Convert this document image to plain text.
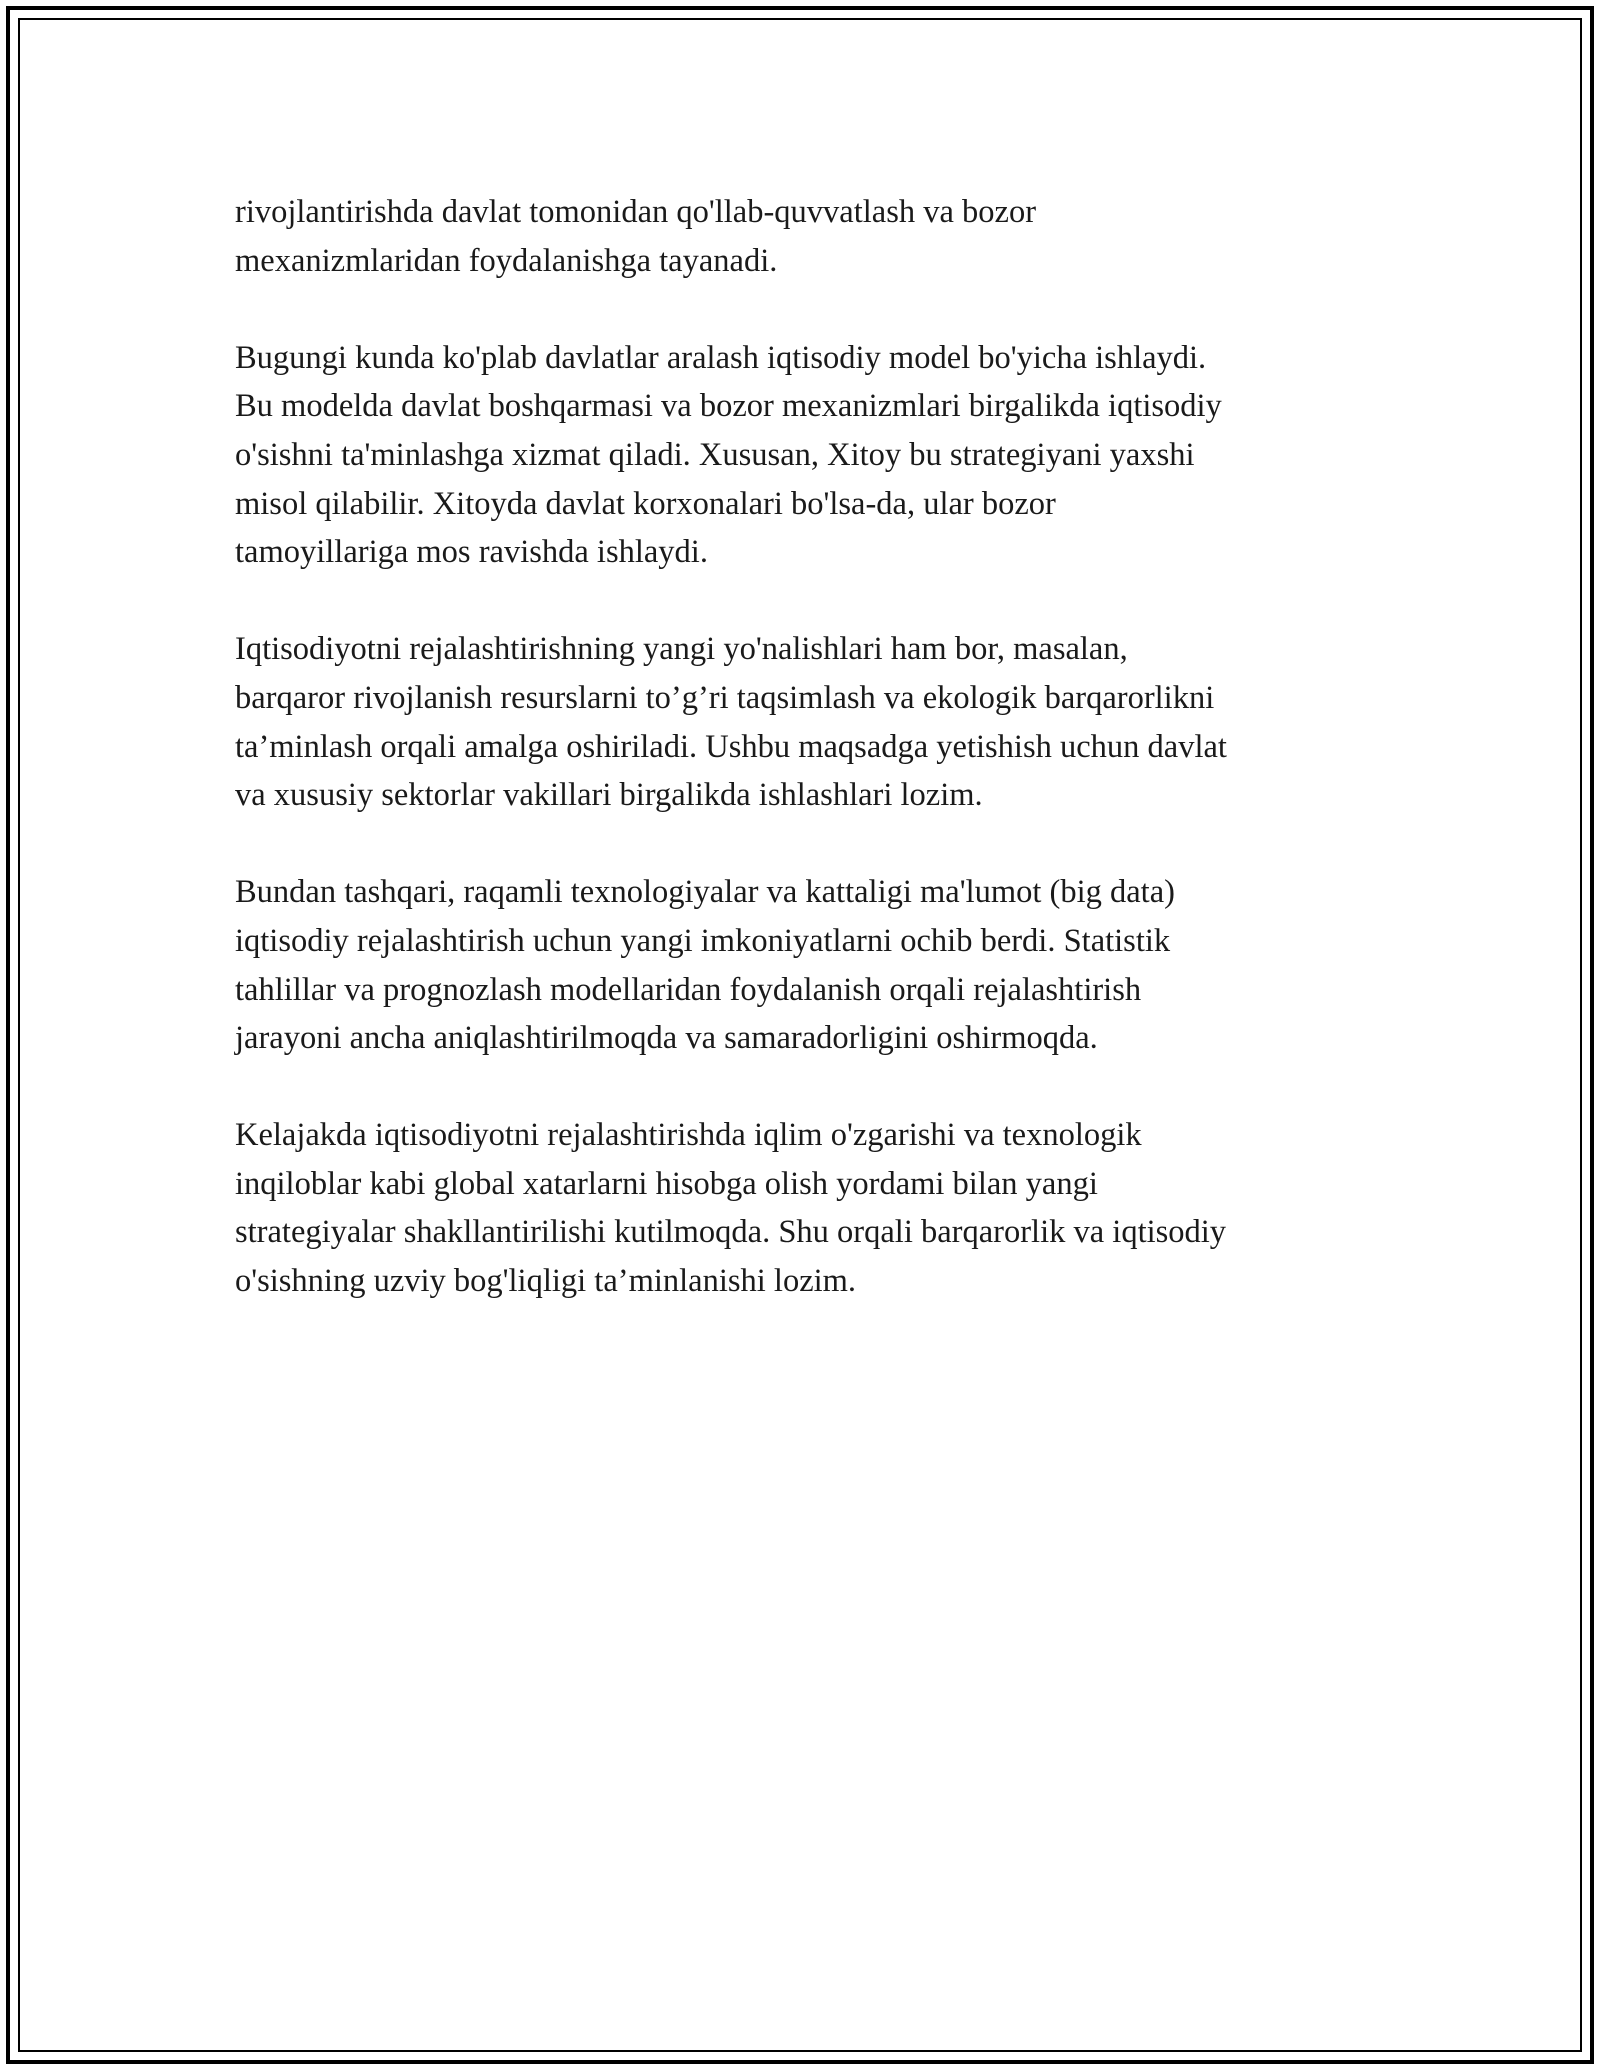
rivojlantirishda davlat tomonidan qo'llab-quvvatlash va bozor
mexanizmlaridan foydalanishga tayanadi.

Bugungi kunda ko'plab davlatlar aralash iqtisodiy model bo'yicha ishlaydi.
Bu modelda davlat boshqarmasi va bozor mexanizmlari birgalikda iqtisodiy
o'sishni ta'minlashga xizmat qiladi. Xususan, Xitoy bu strategiyani yaxshi
misol qilabilir. Xitoyda davlat korxonalari bo'lsa-da, ular bozor
tamoyillariga mos ravishda ishlaydi.

Iqtisodiyotni rejalashtirishning yangi yo'nalishlari ham bor, masalan,
barqaror rivojlanish resurslarni to’g’ri taqsimlash va ekologik barqarorlikni
ta’minlash orqali amalga oshiriladi. Ushbu maqsadga yetishish uchun davlat
va xususiy sektorlar vakillari birgalikda ishlashlari lozim.

Bundan tashqari, raqamli texnologiyalar va kattaligi ma'lumot (big data)
iqtisodiy rejalashtirish uchun yangi imkoniyatlarni ochib berdi. Statistik
tahlillar va prognozlash modellaridan foydalanish orqali rejalashtirish
jarayoni ancha aniqlashtirilmoqda va samaradorligini oshirmoqda.

Kelajakda iqtisodiyotni rejalashtirishda iqlim o'zgarishi va texnologik
inqiloblar kabi global xatarlarni hisobga olish yordami bilan yangi
strategiyalar shakllantirilishi kutilmoqda. Shu orqali barqarorlik va iqtisodiy
o'sishning uzviy bog'liqligi ta’minlanishi lozim.
